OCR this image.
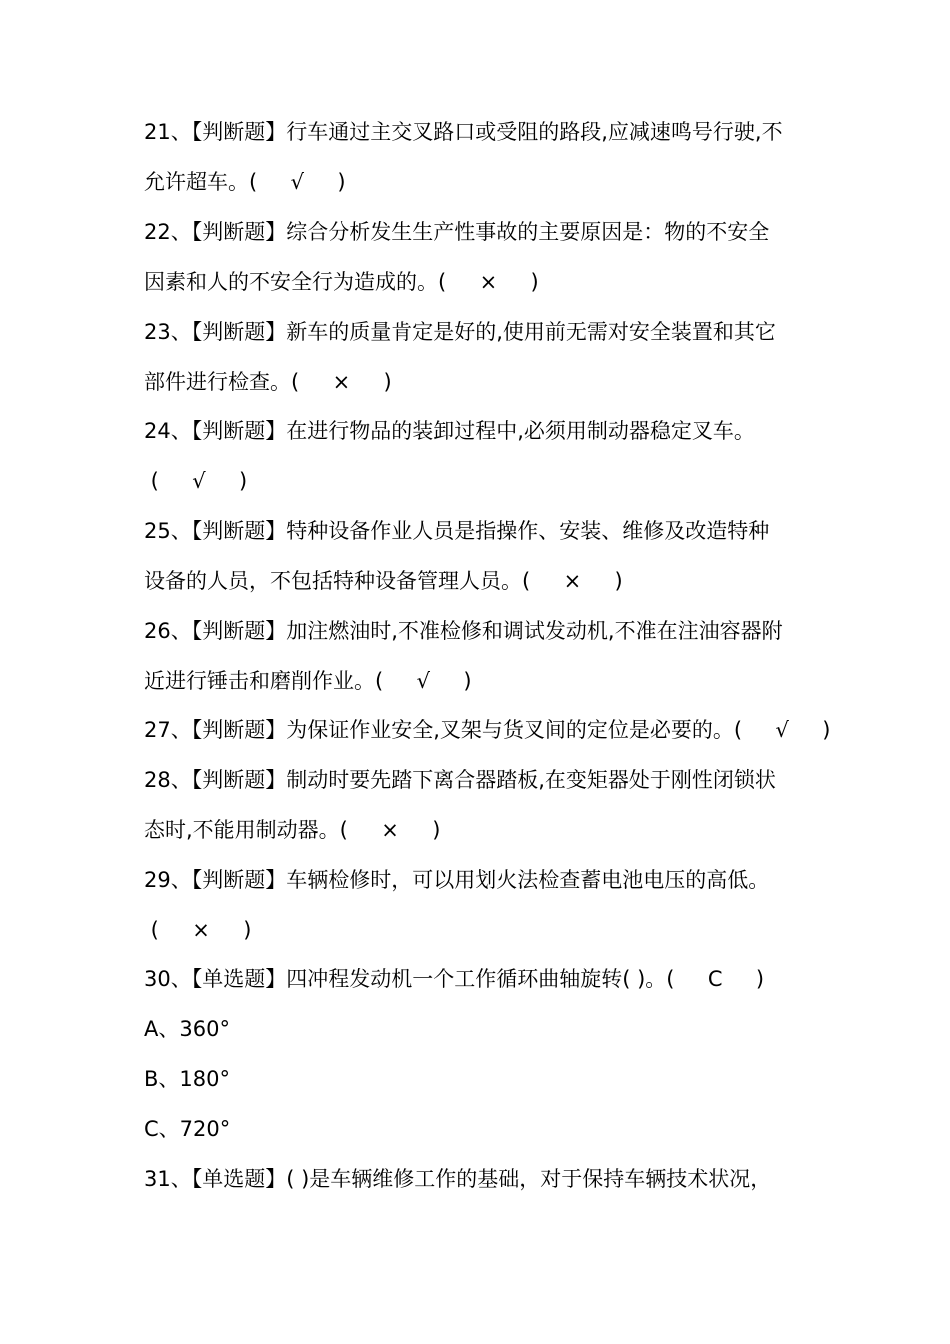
21、【判断题】行车通过主交叉路口或受阻的路段,应减速鸣号行驶,不
允许超车。(     √     )
22、【判断题】综合分析发生生产性事故的主要原因是：物的不安全
因素和人的不安全行为造成的。(     ×     )
23、【判断题】新车的质量肯定是好的,使用前无需对安全装置和其它
部件进行检查。(     ×     )
24、【判断题】在进行物品的装卸过程中,必须用制动器稳定叉车。
(     √     )
25、【判断题】特种设备作业人员是指操作、安装、维修及改造特种
设备的人员，不包括特种设备管理人员。(     ×     )
26、【判断题】加注燃油时,不准检修和调试发动机,不准在注油容器附
近进行锤击和磨削作业。(     √     )
27、【判断题】为保证作业安全,叉架与货叉间的定位是必要的。(     √     )
28、【判断题】制动时要先踏下离合器踏板,在变矩器处于刚性闭锁状
态时,不能用制动器。(     ×     )
29、【判断题】车辆检修时，可以用划火法检查蓄电池电压的高低。
(     ×     )
30、【单选题】四冲程发动机一个工作循环曲轴旋转( )。(     C     )
A、360°
B、180°
C、720°
31、【单选题】( )是车辆维修工作的基础，对于保持车辆技术状况，
